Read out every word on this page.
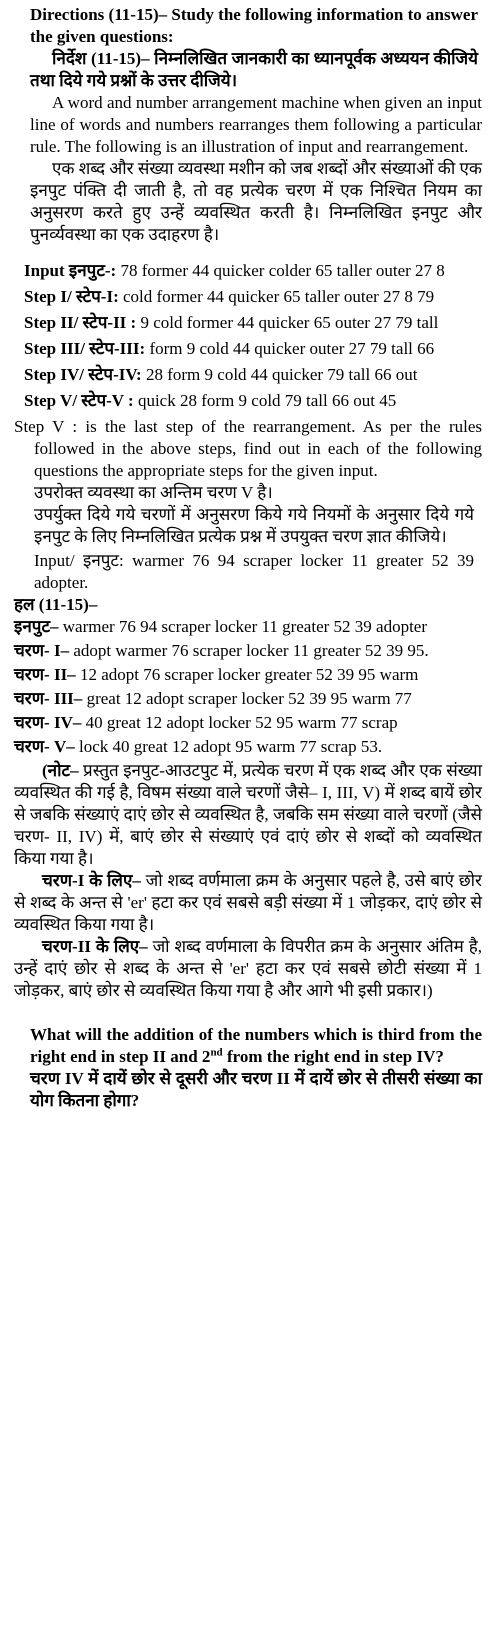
Directions (11-15)– Study the following information to answer the given questions:

निर्देश (11-15)– निम्नलिखित जानकारी का ध्यानपूर्वक अध्ययन कीजिये तथा दिये गये प्रश्नों के उत्तर दीजिये।

A word and number arrangement machine when given an input line of words and numbers rearranges them following a particular rule. The following is an illustration of input and rearrangement.

एक शब्द और संख्या व्यवस्था मशीन को जब शब्दों और संख्याओं की एक इनपुट पंक्ति दी जाती है, तो वह प्रत्येक चरण में एक निश्चित नियम का अनुसरण करते हुए उन्हें व्यवस्थित करती है। निम्नलिखित इनपुट और पुनर्व्यवस्था का एक उदाहरण है।

Input इनपुट-: 78 former 44 quicker colder 65 taller outer 27 8

Step I/ स्टेप-I: cold former 44 quicker 65 taller outer 27 8 79

Step II/ स्टेप-II : 9 cold former 44 quicker 65 outer 27 79 tall

Step III/ स्टेप-III: form 9 cold 44 quicker outer 27 79 tall 66

Step IV/ स्टेप-IV: 28 form 9 cold 44 quicker 79 tall 66 out

Step V/ स्टेप-V : quick 28 form 9 cold 79 tall 66 out 45

Step V : is the last step of the rearrangement. As per the rules followed in the above steps, find out in each of the following questions the appropriate steps for the given input.

उपरोक्त व्यवस्था का अन्तिम चरण V है।

उपर्युक्त दिये गये चरणों में अनुसरण किये गये नियमों के अनुसार दिये गये इनपुट के लिए निम्नलिखित प्रत्येक प्रश्न में उपयुक्त चरण ज्ञात कीजिये।

Input/ इनपुट: warmer 76 94 scraper locker 11 greater 52 39 adopter.

हल (11-15)–

इनपुट– warmer 76 94 scraper locker 11 greater 52 39 adopter

चरण- I– adopt warmer 76 scraper locker 11 greater 52 39 95.

चरण- II– 12 adopt 76 scraper locker greater 52 39 95 warm

चरण- III– great 12 adopt scraper locker 52 39 95 warm 77

चरण- IV– 40 great 12 adopt locker 52 95 warm 77 scrap

चरण- V– lock 40 great 12 adopt 95 warm 77 scrap 53.

(नोट– प्रस्तुत इनपुट-आउटपुट में, प्रत्येक चरण में एक शब्द और एक संख्या व्यवस्थित की गई है, विषम संख्या वाले चरणों जैसे– I, III, V) में शब्द बायें छोर से जबकि संख्याएं दाएं छोर से व्यवस्थित है, जबकि सम संख्या वाले चरणों (जैसे चरण- II, IV) में, बाएं छोर से संख्याएं एवं दाएं छोर से शब्दों को व्यवस्थित किया गया है।

चरण-I के लिए– जो शब्द वर्णमाला क्रम के अनुसार पहले है, उसे बाएं छोर से शब्द के अन्त से 'er' हटा कर एवं सबसे बड़ी संख्या में 1 जोड़कर, दाएं छोर से व्यवस्थित किया गया है।

चरण-II के लिए– जो शब्द वर्णमाला के विपरीत क्रम के अनुसार अंतिम है, उन्हें दाएं छोर से शब्द के अन्त से 'er' हटा कर एवं सबसे छोटी संख्या में 1 जोड़कर, बाएं छोर से व्यवस्थित किया गया है और आगे भी इसी प्रकार।)

What will the addition of the numbers which is third from the right end in step II and 2nd from the right end in step IV?

चरण IV में दायें छोर से दूसरी और चरण II में दायें छोर से तीसरी संख्या का योग कितना होगा?
